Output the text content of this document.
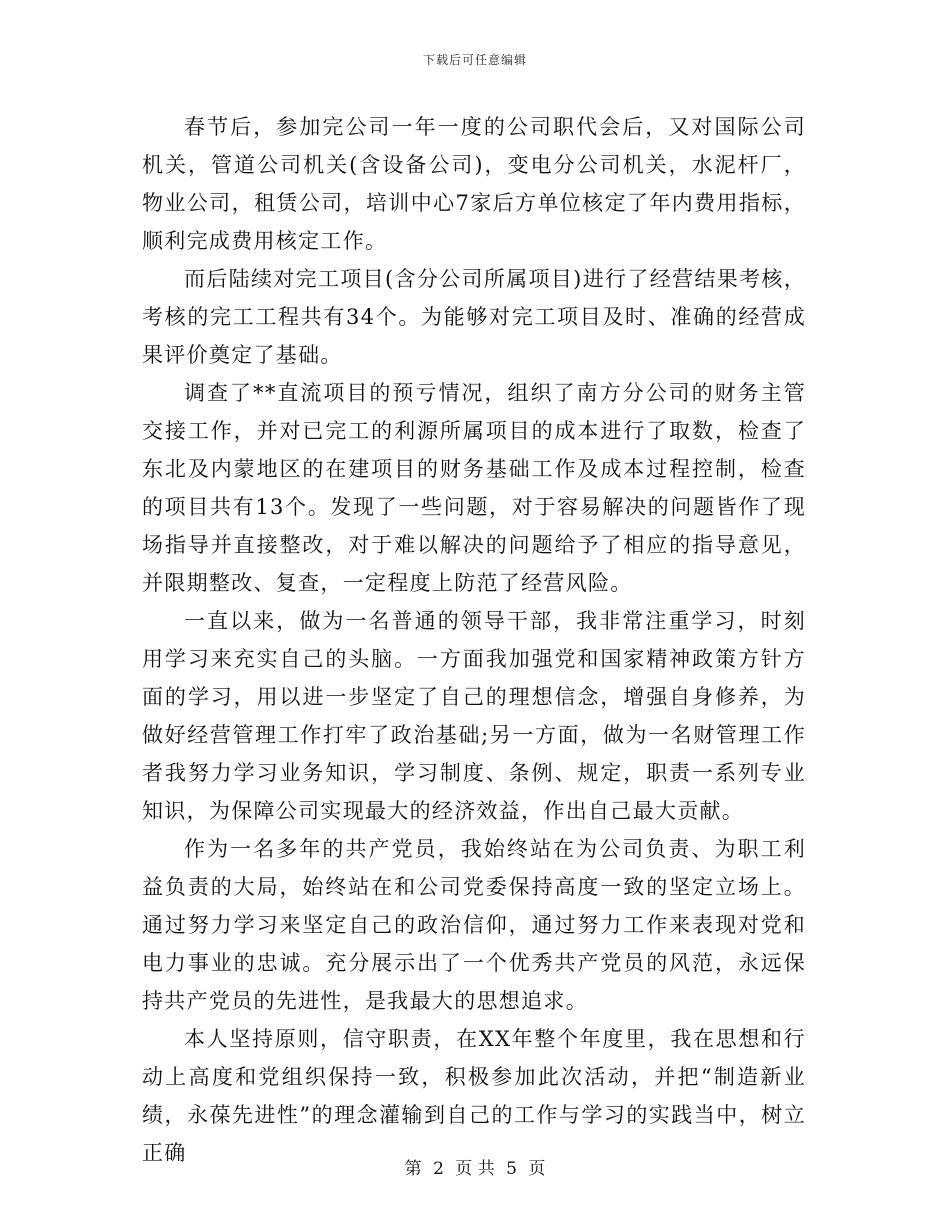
下载后可任意编辑

春节后，参加完公司一年一度的公司职代会后，又对国际公司机关，管道公司机关(含设备公司)，变电分公司机关，水泥杆厂，物业公司，租赁公司，培训中心7家后方单位核定了年内费用指标，顺利完成费用核定工作。

而后陆续对完工项目(含分公司所属项目)进行了经营结果考核，考核的完工工程共有34个。为能够对完工项目及时、准确的经营成果评价奠定了基础。

调查了**直流项目的预亏情况，组织了南方分公司的财务主管交接工作，并对已完工的利源所属项目的成本进行了取数，检查了东北及内蒙地区的在建项目的财务基础工作及成本过程控制，检查的项目共有13个。发现了一些问题，对于容易解决的问题皆作了现场指导并直接整改，对于难以解决的问题给予了相应的指导意见，并限期整改、复查，一定程度上防范了经营风险。

一直以来，做为一名普通的领导干部，我非常注重学习，时刻用学习来充实自己的头脑。一方面我加强党和国家精神政策方针方面的学习，用以进一步坚定了自己的理想信念，增强自身修养，为做好经营管理工作打牢了政治基础;另一方面，做为一名财管理工作者我努力学习业务知识，学习制度、条例、规定，职责一系列专业知识，为保障公司实现最大的经济效益，作出自己最大贡献。

作为一名多年的共产党员，我始终站在为公司负责、为职工利益负责的大局，始终站在和公司党委保持高度一致的坚定立场上。通过努力学习来坚定自己的政治信仰，通过努力工作来表现对党和电力事业的忠诚。充分展示出了一个优秀共产党员的风范，永远保持共产党员的先进性，是我最大的思想追求。

本人坚持原则，信守职责，在XX年整个年度里，我在思想和行动上高度和党组织保持一致，积极参加此次活动，并把“制造新业绩，永葆先进性”的理念灌输到自己的工作与学习的实践当中，树立正确

第 2 页 共 5 页
